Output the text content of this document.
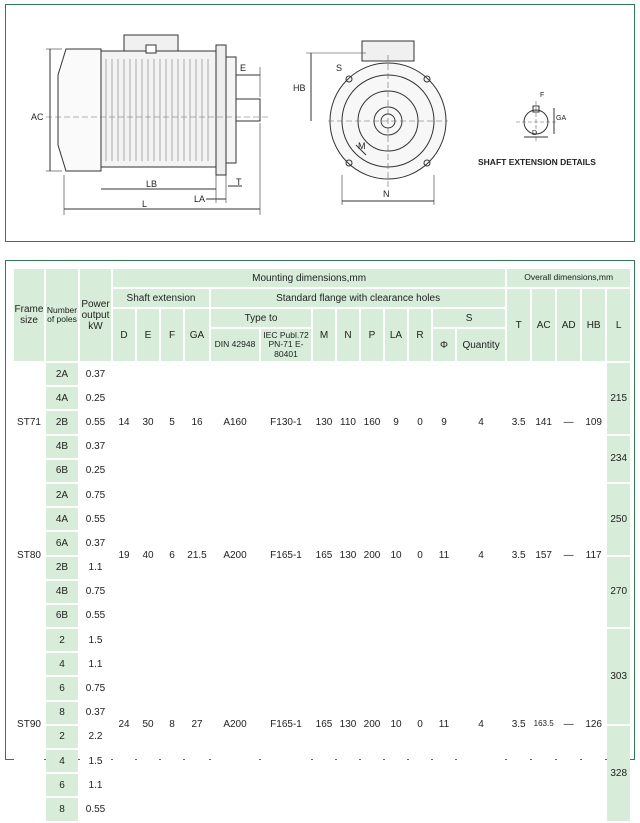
E
AC
LB
L	LA
T
HB
S
M
N
F
GA
D
SHAFT EXTENSION DETAILS
Frame size	Number of poles	Power output kW	Mounting dimensions,mm													Overall dimensions,mm				
			Shaft extension				Standard flange with clearance holes									T	AC	AD	HB	L
			D	E	F	GA	Type to		M	N	P	LA	R	S						
							DIN 42948	IEC Publ.72 PN-71 E-80401						Φ	Quantity					
ST71	2A	0.37	14	30	5	16	A160	F130-1	130	110	160	9	0	9	4	3.5	141	—	109	215
	4A	0.25																		
	2B	0.55																		
	4B	0.37																		234
	6B	0.25																		
ST80	2A	0.75	19	40	6	21.5	A200	F165-1	165	130	200	10	0	11	4	3.5	157	—	117	250
	4A	0.55																		
	6A	0.37																		
	2B	1.1																		270
	4B	0.75																		
	6B	0.55																		
ST90	2	1.5	24	50	8	27	A200	F165-1	165	130	200	10	0	11	4	3.5	163.5	—	126	303
	4	1.1																		
	6	0.75																		
	8	0.37																		
	2	2.2																		328
	4	1.5																		
	6	1.1																		
	8	0.55																		
